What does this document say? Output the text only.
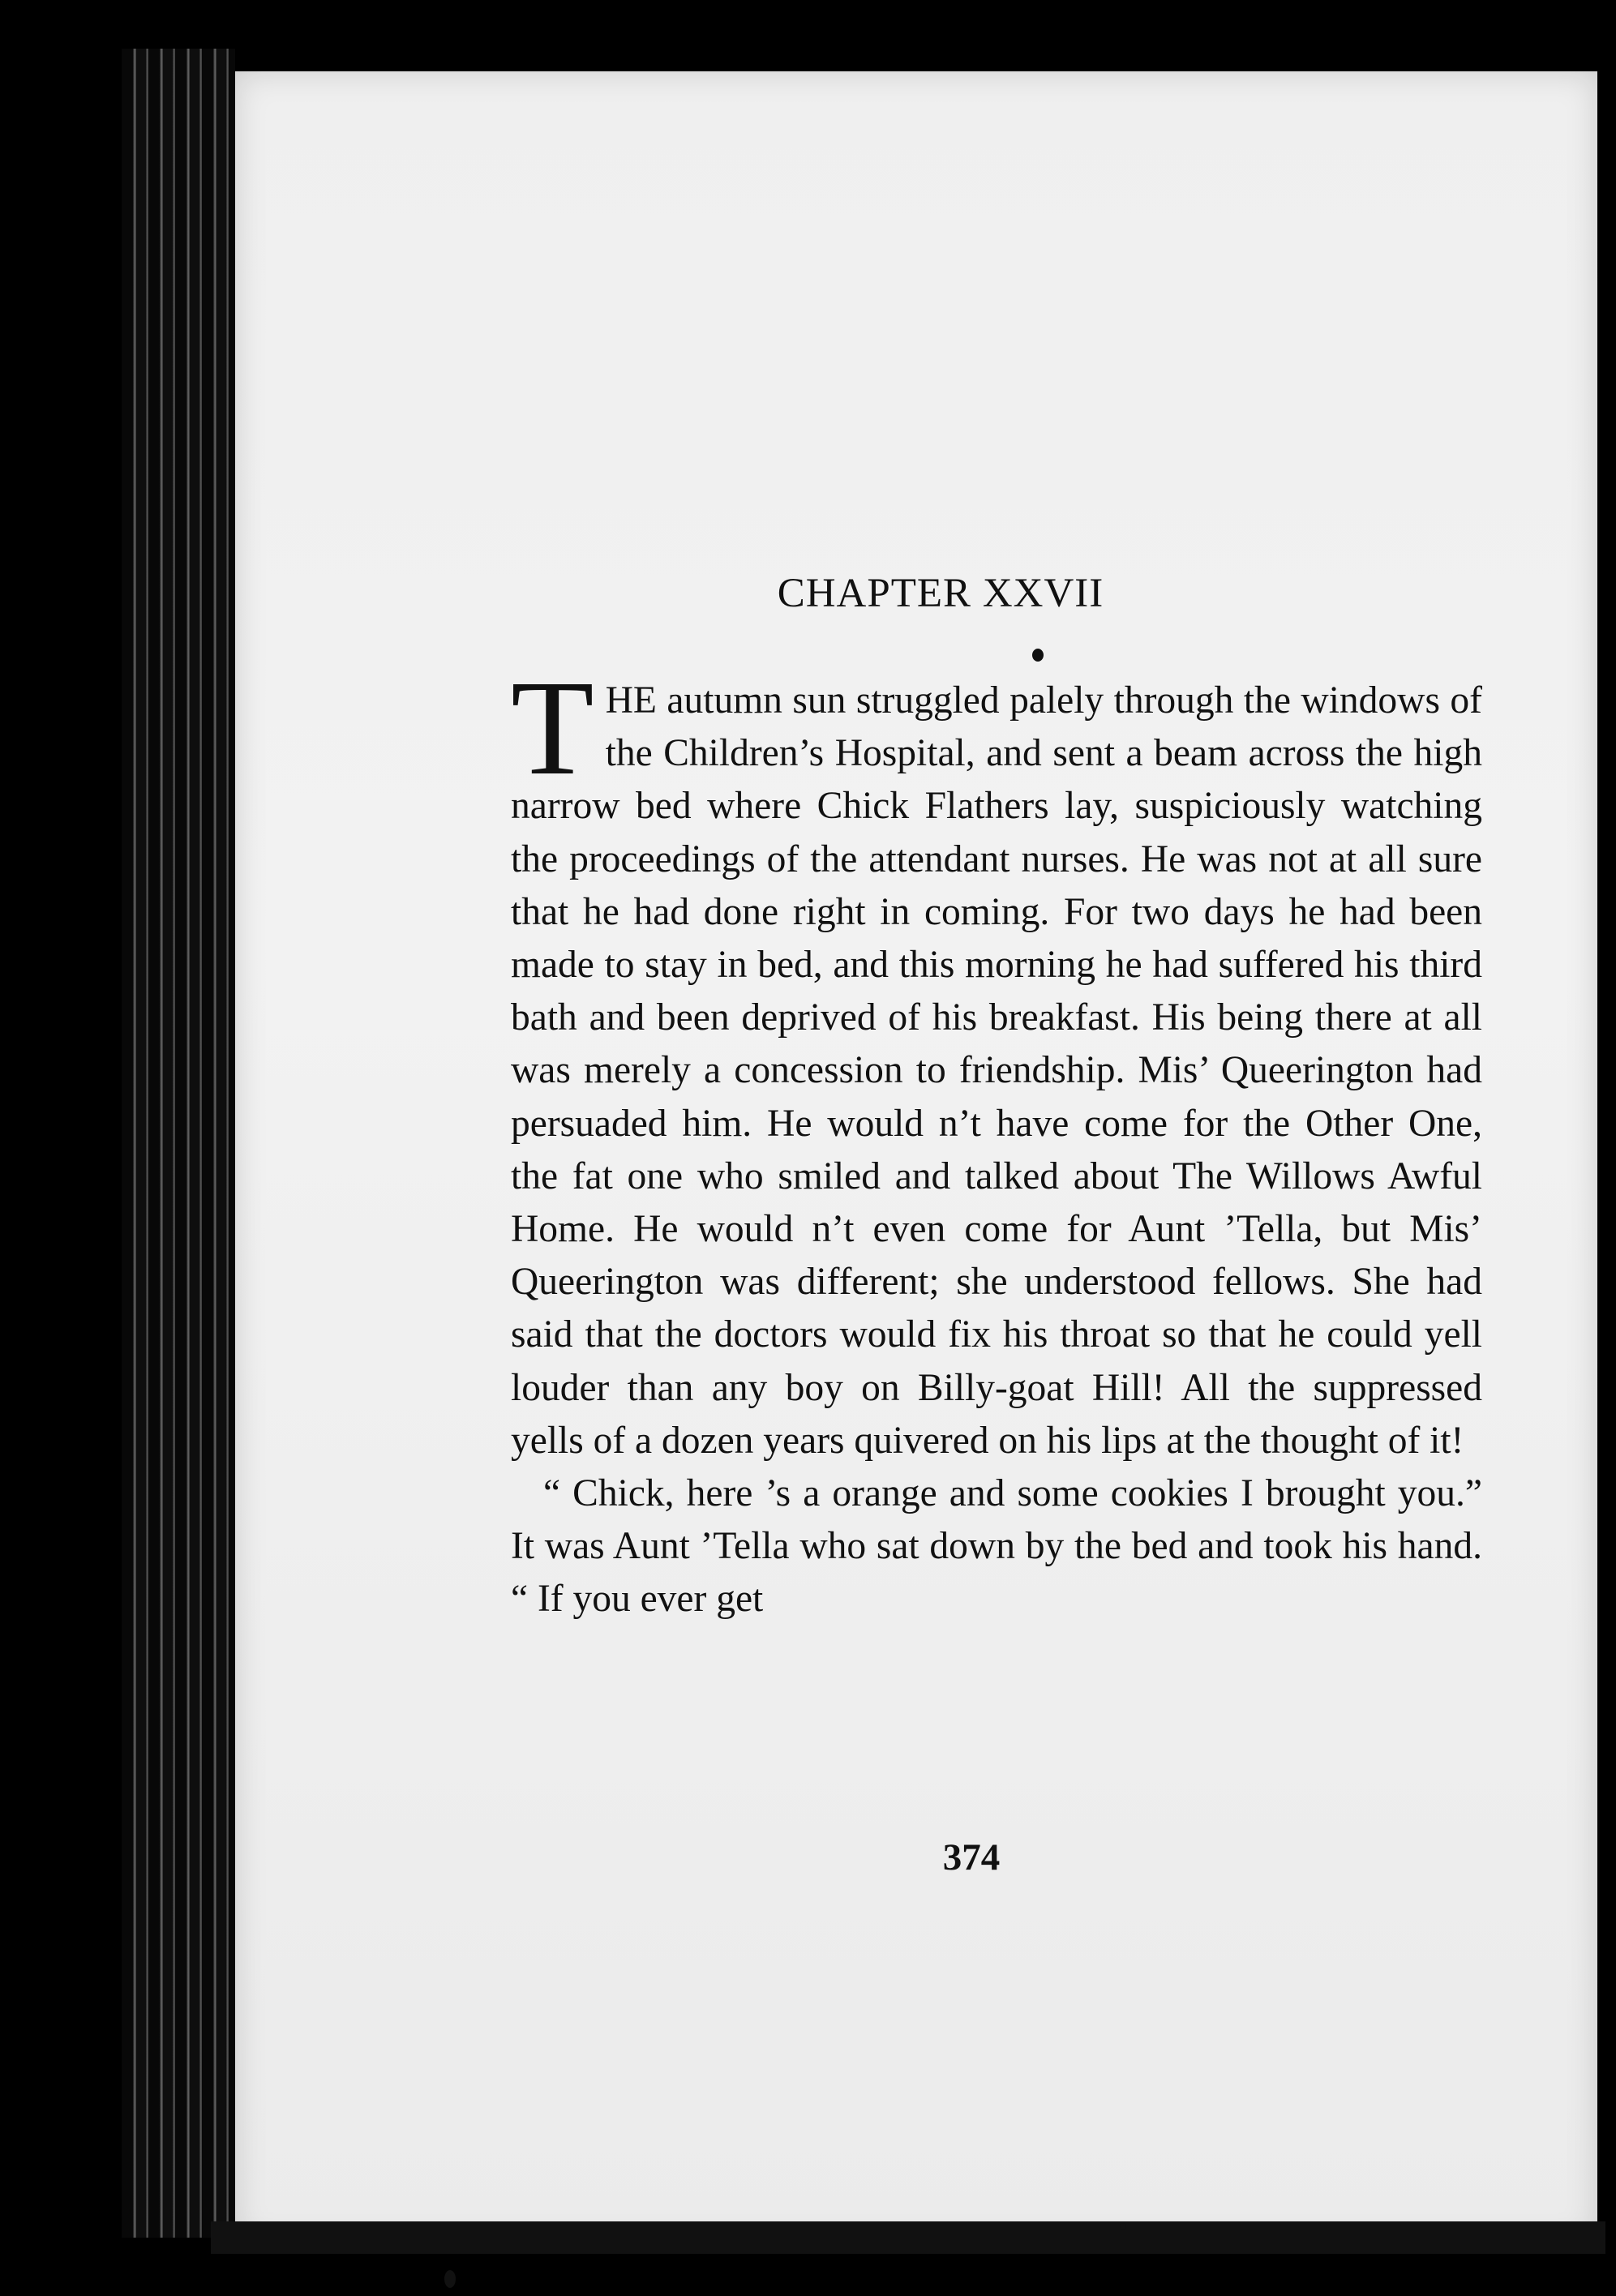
CHAPTER XXVII

THE autumn sun struggled palely through the windows of the Children’s Hospital, and sent a beam across the high narrow bed where Chick Flathers lay, suspiciously watching the proceedings of the attendant nurses. He was not at all sure that he had done right in coming. For two days he had been made to stay in bed, and this morning he had suffered his third bath and been deprived of his breakfast. His being there at all was merely a concession to friendship. Mis’ Queerington had persuaded him. He would n’t have come for the Other One, the fat one who smiled and talked about The Willows Awful Home. He would n’t even come for Aunt ’Tella, but Mis’ Queerington was different; she understood fellows. She had said that the doctors would fix his throat so that he could yell louder than any boy on Billy-goat Hill! All the suppressed yells of a dozen years quivered on his lips at the thought of it!

“ Chick, here ’s a orange and some cookies I brought you.” It was Aunt ’Tella who sat down by the bed and took his hand. “ If you ever get

374
